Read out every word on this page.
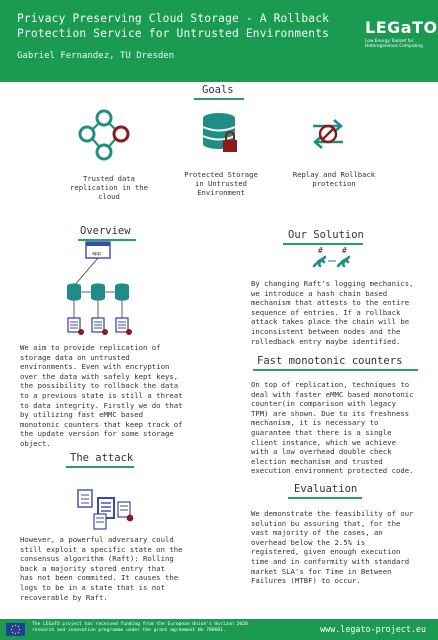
Privacy Preserving Cloud Storage - A Rollback
Protection Service for Untrusted Environments
Gabriel Fernandez, TU Dresden
LEGaTO
Low Energy Toolset for
Heterogeneous Computing
Goals
Trusted data
replication in the
cloud
Protected Storage
in Untrusted
Environment
Replay and Rollback
protection
Overview
app
We aim to provide replication of
storage data on untrusted
environments. Even with encryption
over the data with safely kept keys,
the possibility to rollback the data
to a previous state is still a threat
to data integrity. Firstly we do that
by utilizing fast eMMC based
monotonic counters that keep track of
the update version for some storage
object.
The attack
However, a powerful adversary could
still exploit a specific state on the
consensus algorithm (Raft): Rolling
back a majority stored entry that
has not been commited. It causes the
logs to be in a state that is not
recoverable by Raft.
Our Solution
# #
By changing Raft's logging mechanics,
we introduce a hash chain based
mechanism that attests to the entire
sequence of entries. If a rollback
attack takes place the chain will be
inconsistent between nodes and the
rolledback entry maybe identified.
Fast monotonic counters
On top of replication, techniques to
deal with faster eMMC based monotonic
counter(in comparison with legacy
TPM) are shown. Due to its freshness
mechanism, it is necessary to
guarantee that there is a single
client instance, which we achieve
with a low overhead double check
election mechanism and trusted
execution environment protected code.
Evaluation
We demonstrate the feasibility of our
solution bu assuring that, for the
vast majority of the cases, an
overhead below the 2.5% is
registered, given enough execution
time and in conformity with standard
market SLA's for Time in Between
Failures (MTBF) to occur.
The LEGaTO project has received funding from the European Union's Horizon 2020
research and innovation programme under the grant agreement No 780681.	www.legato-project.eu
